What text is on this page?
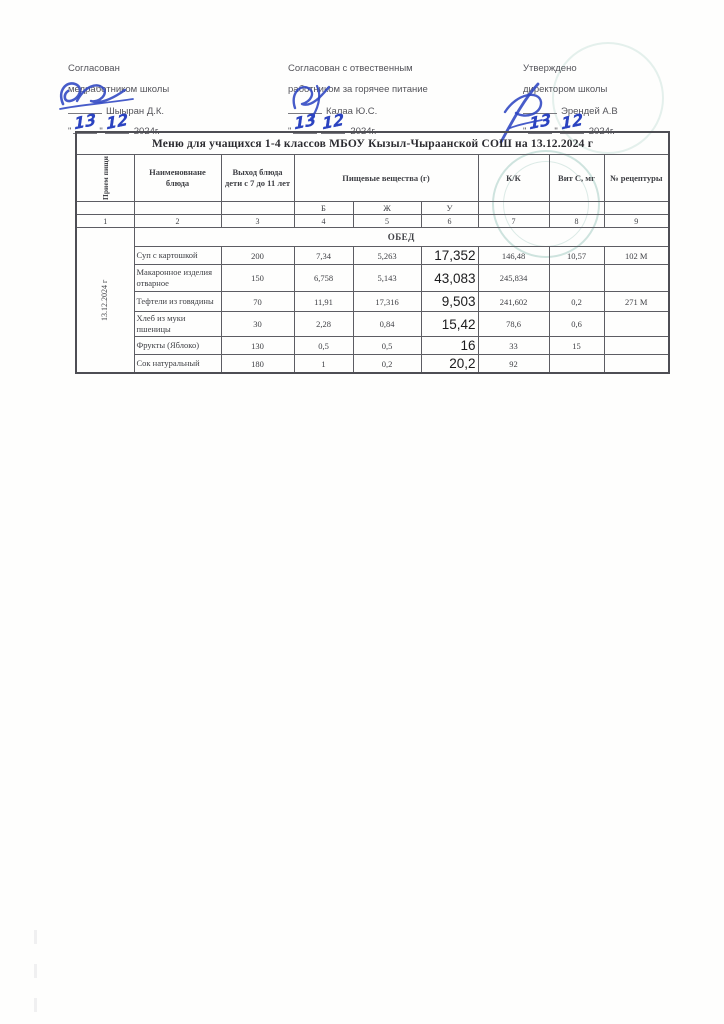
Согласован
медработником школы
Шыыран Д.К.
" 13 " 12 2024г.
Согласован с отвественным
работником за горячее питание
Калаа Ю.С.
" 13 12 2024г.
Утверждено
директором школы
Эрендей А.В
" 13 " 12 2024г.
Меню для учащихся 1-4 классов МБОУ Кызыл-Чыраанской СОШ на 13.12.2024 г								

Прием пищи	Наименовнане блюда	Выход блюда дети с 7 до 11 лет	Пищевые вещества (г)			К/К	Вит С, мг	№ рецептуры
			Б	Ж	У			
1	2	3	4	5	6	7	8	9

13.12.2024 г	ОБЕД							
	Суп с картошкой	200	7,34	5,263	17,352	146,48	10,57	102 М
	Макаронное изделия отварное	150	6,758	5,143	43,083	245,834		
	Тефтели из говядины	70	11,91	17,316	9,503	241,602	0,2	271 М
	Хлеб из муки пшеницы	30	2,28	0,84	15,42	78,6	0,6	
	Фрукты (Яблоко)	130	0,5	0,5	16	33	15	
	Сок натуральный	180	1	0,2	20,2	92		
